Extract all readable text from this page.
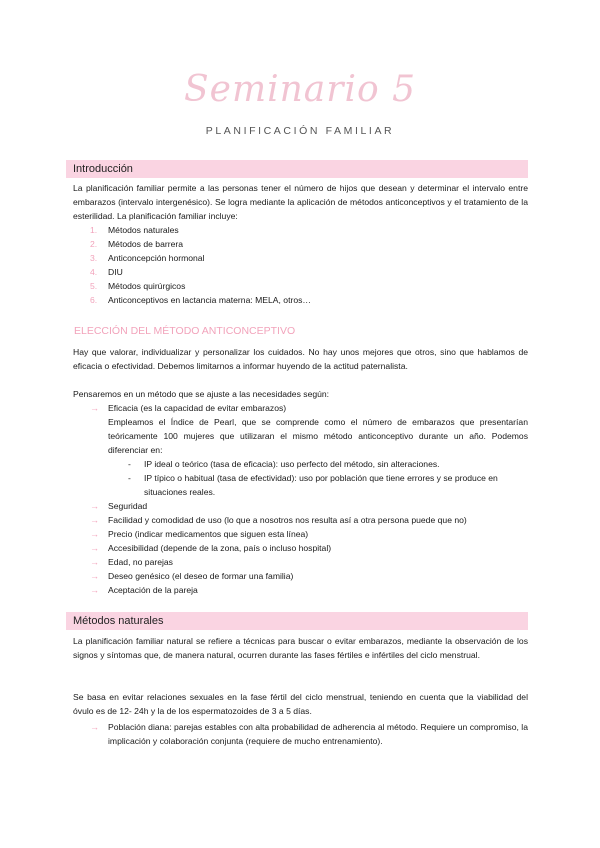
Seminario 5
PLANIFICACIÓN FAMILIAR
Introducción

La planificación familiar permite a las personas tener el número de hijos que desean y determinar el intervalo entre embarazos (intervalo intergenésico). Se logra mediante la aplicación de métodos anticonceptivos y el tratamiento de la esterilidad. La planificación familiar incluye:

1. Métodos naturales
2. Métodos de barrera
3. Anticoncepción hormonal
4. DIU
5. Métodos quirúrgicos
6. Anticonceptivos en lactancia materna: MELA, otros…
ELECCIÓN DEL MÉTODO ANTICONCEPTIVO

Hay que valorar, individualizar y personalizar los cuidados. No hay unos mejores que otros, sino que hablamos de eficacia o efectividad. Debemos limitarnos a informar huyendo de la actitud paternalista.

Pensaremos en un método que se ajuste a las necesidades según:

→ Eficacia (es la capacidad de evitar embarazos)

Empleamos el Índice de Pearl, que se comprende como el número de embarazos que presentarían teóricamente 100 mujeres que utilizaran el mismo método anticonceptivo durante un año. Podemos diferenciar en:

- IP ideal o teórico (tasa de eficacia): uso perfecto del método, sin alteraciones.

- IP típico o habitual (tasa de efectividad): uso por población que tiene errores y se produce en situaciones reales.

→ Seguridad
→ Facilidad y comodidad de uso (lo que a nosotros nos resulta así a otra persona puede que no)
→ Precio (indicar medicamentos que siguen esta línea)
→ Accesibilidad (depende de la zona, país o incluso hospital)
→ Edad, no parejas
→ Deseo genésico (el deseo de formar una familia)
→ Aceptación de la pareja
Métodos naturales

La planificación familiar natural se refiere a técnicas para buscar o evitar embarazos, mediante la observación de los signos y síntomas que, de manera natural, ocurren durante las fases fértiles e infértiles del ciclo menstrual.

Se basa en evitar relaciones sexuales en la fase fértil del ciclo menstrual, teniendo en cuenta que la viabilidad del óvulo es de 12- 24h y la de los espermatozoides de 3 a 5 días.

→ Población diana: parejas estables con alta probabilidad de adherencia al método. Requiere un compromiso, la implicación y colaboración conjunta (requiere de mucho entrenamiento).
